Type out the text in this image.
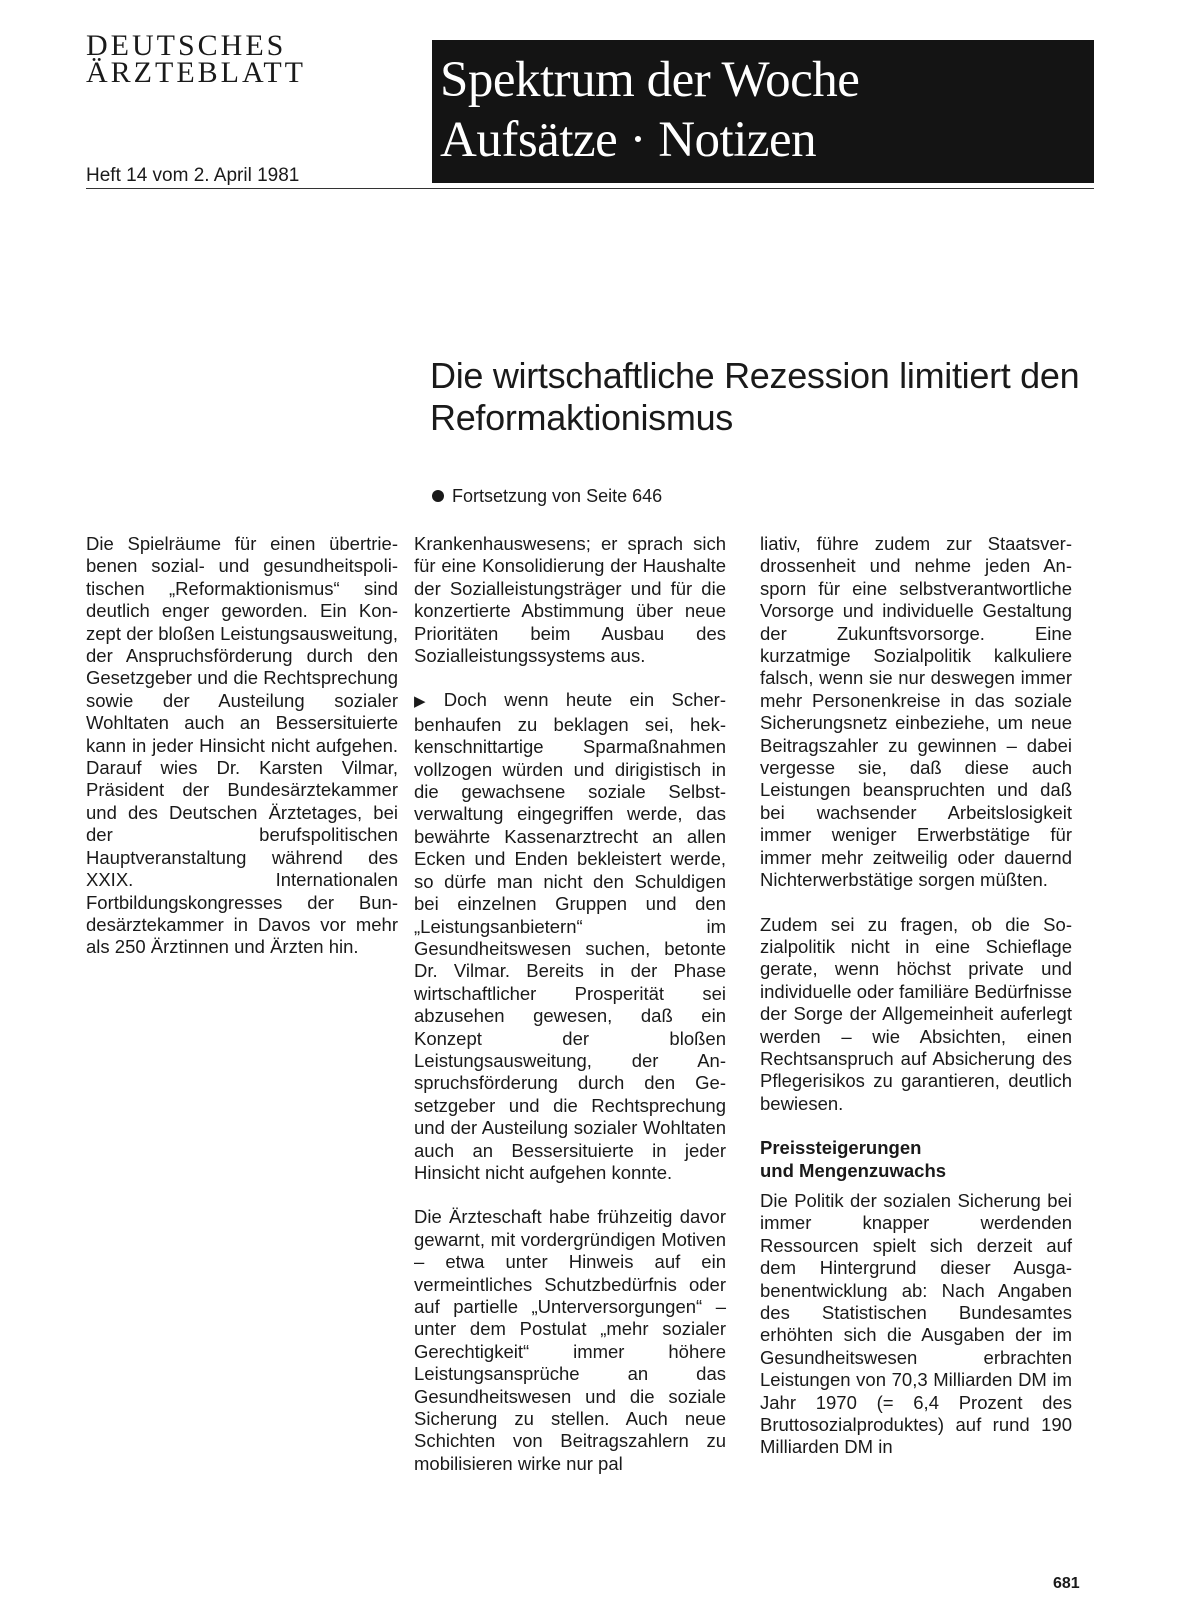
DEUTSCHES
ÄRZTEBLATT
Heft 14 vom 2. April 1981
Spektrum der Woche
Aufsätze · Notizen
Die wirtschaftliche Rezession limitiert den Reformaktionismus
Fortsetzung von Seite 646

Die Spielräume für einen übertriebenen sozial- und gesundheitspolitischen „Reformaktionismus“ sind deutlich enger geworden. Ein Konzept der bloßen Leistungsausweitung, der Anspruchsförderung durch den Gesetzgeber und die Rechtsprechung sowie der Austeilung sozialer Wohltaten auch an Bessersituierte kann in jeder Hinsicht nicht aufgehen. Darauf wies Dr. Karsten Vilmar, Präsident der Bundesärztekammer und des Deutschen Ärztetages, bei der berufspolitischen Hauptveranstaltung während des XXIX. Internationalen Fortbildungskongresses der Bundesärztekammer in Davos vor mehr als 250 Ärztinnen und Ärzten hin.

Krankenhauswesens; er sprach sich für eine Konsolidierung der Haushalte der Sozialleistungsträger und für die konzertierte Abstimmung über neue Prioritäten beim Ausbau des Sozialleistungssystems aus.

▶ Doch wenn heute ein Scherbenhaufen zu beklagen sei, hekkenschnittartige Sparmaßnahmen vollzogen würden und dirigistisch in die gewachsene soziale Selbstverwaltung eingegriffen werde, das bewährte Kassenarztrecht an allen Ecken und Enden bekleistert werde, so dürfe man nicht den Schuldigen bei einzelnen Gruppen und den „Leistungsanbietern“ im Gesundheitswesen suchen, betonte Dr. Vilmar. Bereits in der Phase wirtschaftlicher Prosperität sei abzusehen gewesen, daß ein Konzept der bloßen Leistungsausweitung, der Anspruchsförderung durch den Gesetzgeber und die Rechtsprechung und der Austeilung sozialer Wohltaten auch an Bessersituierte in jeder Hinsicht nicht aufgehen konnte.

Die Ärzteschaft habe frühzeitig davor gewarnt, mit vordergründigen Motiven – etwa unter Hinweis auf ein vermeintliches Schutzbedürfnis oder auf partielle „Unterversorgungen“ – unter dem Postulat „mehr sozialer Gerechtigkeit“ immer höhere Leistungsansprüche an das Gesundheitswesen und die soziale Sicherung zu stellen. Auch neue Schichten von Beitragszahlern zu mobilisieren wirke nur pal

liativ, führe zudem zur Staatsverdrossenheit und nehme jeden Ansporn für eine selbstverantwortliche Vorsorge und individuelle Gestaltung der Zukunftsvorsorge. Eine kurzatmige Sozialpolitik kalkuliere falsch, wenn sie nur deswegen immer mehr Personenkreise in das soziale Sicherungsnetz einbeziehe, um neue Beitragszahler zu gewinnen – dabei vergesse sie, daß diese auch Leistungen beanspruchten und daß bei wachsender Arbeitslosigkeit immer weniger Erwerbstätige für immer mehr zeitweilig oder dauernd Nichterwerbstätige sorgen müßten.

Zudem sei zu fragen, ob die Sozialpolitik nicht in eine Schieflage gerate, wenn höchst private und individuelle oder familiäre Bedürfnisse der Sorge der Allgemeinheit auferlegt werden – wie Absichten, einen Rechtsanspruch auf Absicherung des Pflegerisikos zu garantieren, deutlich bewiesen.

Preissteigerungen
und Mengenzuwachs

Die Politik der sozialen Sicherung bei immer knapper werdenden Ressourcen spielt sich derzeit auf dem Hintergrund dieser Ausgabenentwicklung ab: Nach Angaben des Statistischen Bundesamtes erhöhten sich die Ausgaben der im Gesundheitswesen erbrachten Leistungen von 70,3 Milliarden DM im Jahr 1970 (= 6,4 Prozent des Bruttosozialproduktes) auf rund 190 Milliarden DM in

681
